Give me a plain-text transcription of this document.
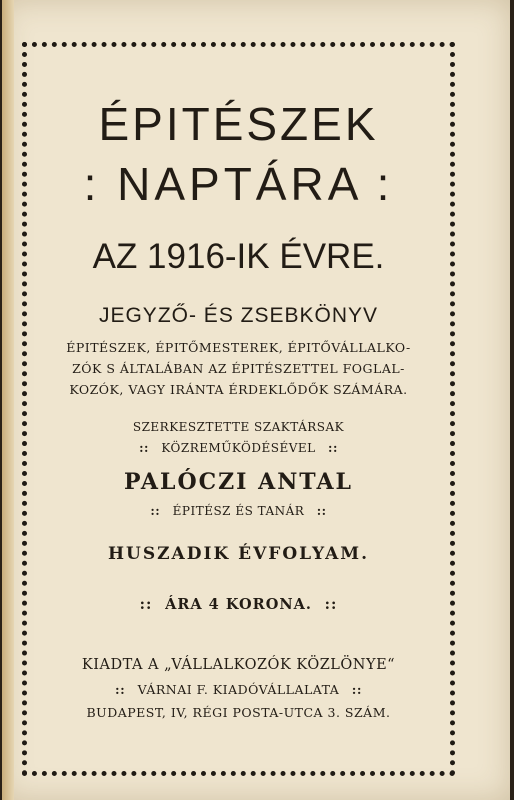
ÉPITÉSZEK
: NAPTÁRA :
AZ 1916-IK ÉVRE.
JEGYZŐ- ÉS ZSEBKÖNYV
ÉPITÉSZEK, ÉPITŐMESTEREK, ÉPITŐVÁLLALKO-
ZÓK S ÁLTALÁBAN AZ ÉPITÉSZETTEL FOGLAL-
KOZÓK, VAGY IRÁNTA ÉRDEKLŐDŐK SZÁMÁRA.
SZERKESZTETTE SZAKTÁRSAK
:: KÖZREMŰKÖDÉSÉVEL ::
PALÓCZI ANTAL
:: ÉPITÉSZ ÉS TANÁR ::
HUSZADIK ÉVFOLYAM.
:: ÁRA 4 KORONA. ::
KIADTA A „VÁLLALKOZÓK KÖZLÖNYE“
:: VÁRNAI F. KIADÓVÁLLALATA ::
BUDAPEST, IV, RÉGI POSTA-UTCA 3. SZÁM.
